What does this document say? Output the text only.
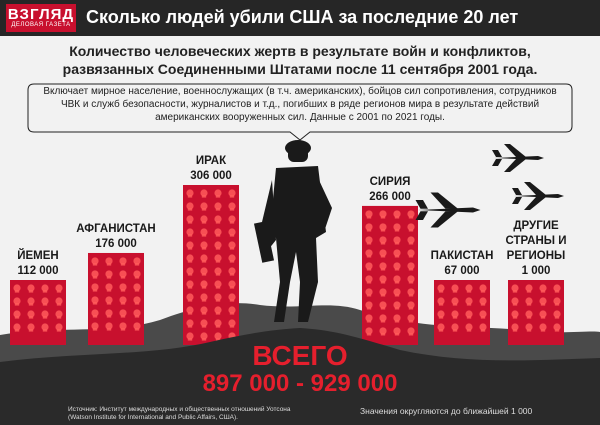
ЙЕМЕН
112 000
АФГАНИСТАН
176 000
ИРАК
306 000	СИРИЯ
266 000
ПАКИСТАН
67 000
ДРУГИЕ
СТРАНЫ И
РЕГИОНЫ
1 000
ВЗГЛЯД
ДЕЛОВАЯ ГАЗЕТА Сколько людей убили США за последние 20 лет
Количество человеческих жертв в результате войн и конфликтов,
развязанных Соединенными Штатами после 11 сентября 2001 года.
Включает мирное население, военнослужащих (в т.ч. американских), бойцов сил сопротивления, сотрудников
ЧВК и служб безопасности, журналистов и т.д., погибших в ряде регионов мира в результате действий
американских вооруженных сил. Данные с 2001 по 2021 годы.
ВСЕГО
897 000 - 929 000
Источник: Институт международных и общественных отношений Уотсона
(Watson Institute for International and Public Affairs, США).
Значения округляются до ближайшей 1 000
